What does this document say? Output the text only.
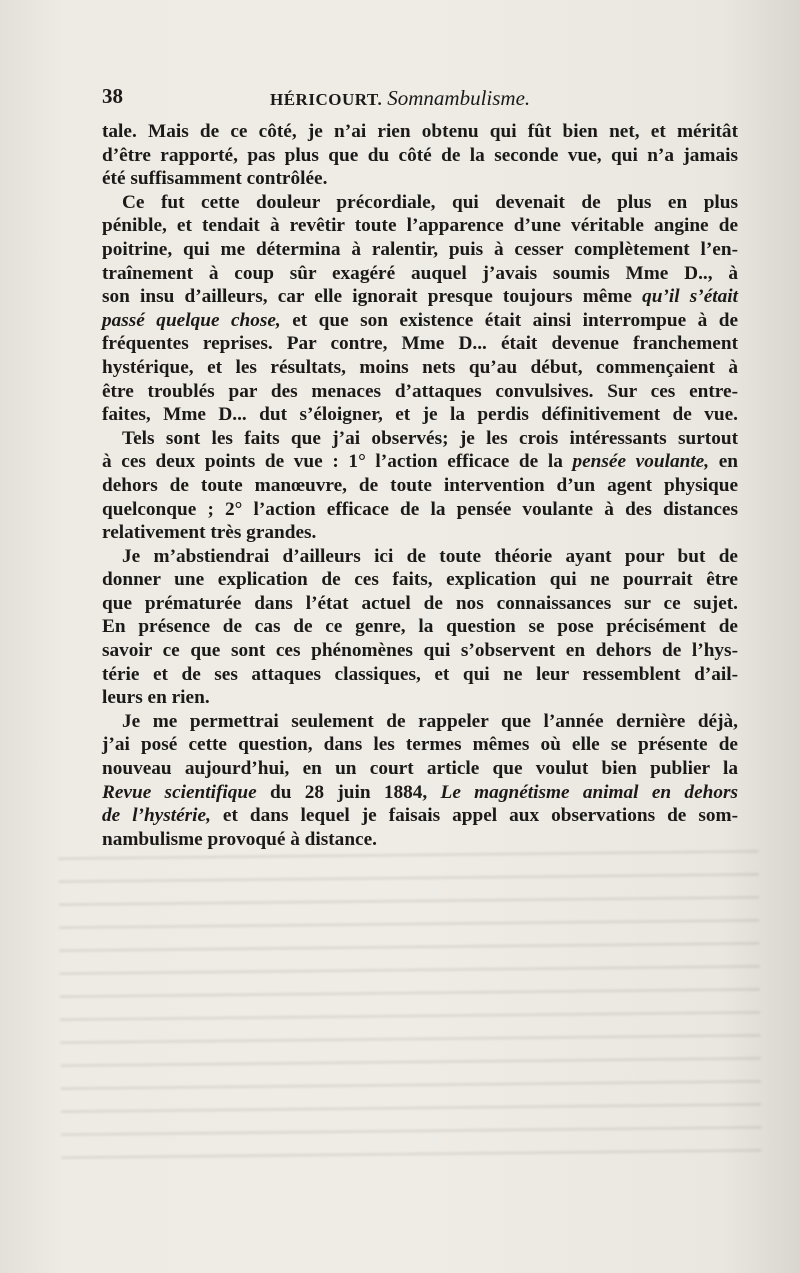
38	HÉRICOURT. Somnambulisme.
tale. Mais de ce côté, je n’ai rien obtenu qui fût bien net, et méritât
d’être rapporté, pas plus que du côté de la seconde vue, qui n’a jamais
été suffisamment contrôlée.
Ce fut cette douleur précordiale, qui devenait de plus en plus
pénible, et tendait à revêtir toute l’apparence d’une véritable angine de
poitrine, qui me détermina à ralentir, puis à cesser complètement l’en-
traînement à coup sûr exagéré auquel j’avais soumis Mme D.., à
son insu d’ailleurs, car elle ignorait presque toujours même qu’il s’était
passé quelque chose, et que son existence était ainsi interrompue à de
fréquentes reprises. Par contre, Mme D... était devenue franchement
hystérique, et les résultats, moins nets qu’au début, commençaient à
être troublés par des menaces d’attaques convulsives. Sur ces entre-
faites, Mme D... dut s’éloigner, et je la perdis définitivement de vue.
Tels sont les faits que j’ai observés; je les crois intéressants surtout
à ces deux points de vue : 1° l’action efficace de la pensée voulante, en
dehors de toute manœuvre, de toute intervention d’un agent physique
quelconque ; 2° l’action efficace de la pensée voulante à des distances
relativement très grandes.
Je m’abstiendrai d’ailleurs ici de toute théorie ayant pour but de
donner une explication de ces faits, explication qui ne pourrait être
que prématurée dans l’état actuel de nos connaissances sur ce sujet.
En présence de cas de ce genre, la question se pose précisément de
savoir ce que sont ces phénomènes qui s’observent en dehors de l’hys-
térie et de ses attaques classiques, et qui ne leur ressemblent d’ail-
leurs en rien.
Je me permettrai seulement de rappeler que l’année dernière déjà,
j’ai posé cette question, dans les termes mêmes où elle se présente de
nouveau aujourd’hui, en un court article que voulut bien publier la
Revue scientifique du 28 juin 1884, Le magnétisme animal en dehors
de l’hystérie, et dans lequel je faisais appel aux observations de som-
nambulisme provoqué à distance.
